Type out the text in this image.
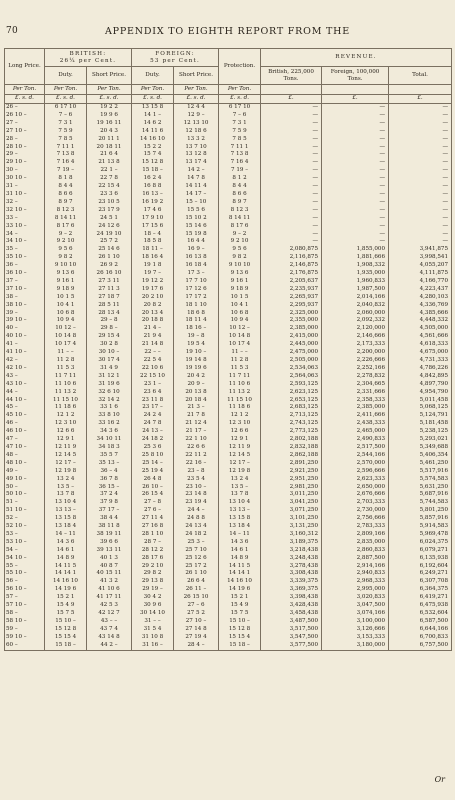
70	APPENDIX TO EIGHTH REPORT FROM THE
Long Price.	BRITISH:
26¼ per Cent.		FOREIGN:
53 per Cent.		Protection.	REVENUE.		
	Duty.	Short Price.	Duty.	Short Price.		British, 225,000 Tons.	Foreign, 100,000 Tons.	Total.

Per Ton.	Per Ton.	Per Ton.	Per Ton.	Per Ton.	Per Ton.			
£. s. d.	£. s. d.	£. s. d.	£. s. d.	£. s. d.	£. s. d.	£.	£.	£.
26 –	6 17 10	19 2 2	13 15 8	12 4 4	6 17 10	—	—	—
26 10 –	7 – 6	19 9 6	14 1 –	12 9 –	7 – 6	—	—	—
27 –	7 3 1	19 16 11	14 6 2	12 13 10	7 3 1	—	—	—
27 10 –	7 5 9	20 4 3	14 11 6	12 18 6	7 5 9	—	—	—
28 –	7 8 5	20 11 1	14 16 10	13 3 2	7 8 5	—	—	—
28 10 –	7 11 1	20 18 11	15 2 2	13 7 10	7 11 1	—	—	—
29 –	7 13 8	21 6 4	15 7 4	13 12 8	7 13 8	—	—	—
29 10 –	7 16 4	21 13 8	15 12 8	13 17 4	7 16 4	—	—	—
30 –	7 19 –	22 1 –	15 18 –	14 2 –	7 19 –	—	—	—
30 10 –	8 1 8	22 7 8	16 2 4	14 7 8	8 1 2	—	—	—
31 –	8 4 4	22 15 4	16 8 8	14 11 4	8 4 4	—	—	—
31 10 –	8 6 6	23 3 6	16 13 –	14 17 –	8 6 6	—	—	—
32 –	8 9 7	23 10 5	16 19 2	15 – 10	8 9 7	—	—	—
32 10 –	8 12 3	23 17 9	17 4 6	15 5 6	8 12 3	—	—	—
33 –	8 14 11	24 5 1	17 9 10	15 10 2	8 14 11	—	—	—
33 10 –	8 17 6	24 12 6	17 15 6	15 14 6	8 17 6	—	—	—
34 –	9 – 2	24 19 10	18 – 4	15 19 8	9 – 2	—	—	—
34 10 –	9 2 10	25 7 2	18 5 8	16 4 4	9 2 10	—	—	—
35 –	9 5 6	25 14 6	18 11 –	16 9 –	9 5 6	2,080,875	1,855,000	3,941,875
35 10 –	9 8 2	26 1 10	18 16 4	16 13 8	9 8 2	2,116,875	1,881,666	3,998,541
36 –	9 10 10	26 9 2	19 1 8	16 18 4	9 10 10	2,146,875	1,908,332	4,055,207
36 10 –	9 13 6	26 16 10	19 7 –	17 3 –	9 13 6	2,176,875	1,935,000	4,111,875
37 –	9 16 1	27 3 11	19 12 2	17 7 10	9 16 1	2,205,637	1,960,833	4,166,770
37 10 –	9 18 9	27 11 3	19 17 6	17 12 6	9 18 9	2,235,937	1,987,500	4,223,437
38 –	10 1 5	27 18 7	20 2 10	17 17 2	10 1 5	2,265,937	2,014,166	4,280,103
38 10 –	10 4 1	28 5 11	20 8 2	18 1 10	10 4 1	2,295,937	2,040,832	4,336,769
39 –	10 6 8	28 13 4	20 13 4	18 6 8	10 6 8	2,325,000	2,060,000	4,385,666
39 10 –	10 9 4	29 – 8	20 18 8	18 11 4	10 9 4	2,355,000	2,092,332	4,448,332
40 –	10 12 –	29 8 –	21 4 –	18 16 –	10 12 –	2,385,000	2,120,000	4,505,000
40 10 –	10 14 8	29 15 4	21 9 4	19 – 8	10 14 8	2,415,000	2,146,666	4,561,666
41 –	10 17 4	30 2 8	21 14 8	19 5 4	10 17 4	2,445,000	2,173,333	4,618,333
41 10 –	11 – –	30 10 –	22 – –	19 10 –	11 – –	2,475,000	2,200,000	4,675,000
42 –	11 2 8	30 17 4	22 5 4	19 14 8	11 2 8	2,505,000	2,226,666	4,731,333
42 10 –	11 5 3	31 4 9	22 10 6	19 19 6	11 5 3	2,534,063	2,252,166	4,786,226
43 –	11 7 11	31 12 1	22 15 10	20 4 2	11 7 11	2,564,063	2,278,832	4,842,895
43 10 –	11 10 6	31 19 6	23 1 –	20 9 –	11 10 6	2,593,125	2,304,665	4,897,790
44 –	11 13 2	32 6 10	23 6 4	20 13 8	11 13 2	2,623,125	2,331,666	4,954,790
44 10 –	11 15 10	32 14 2	23 11 8	20 18 4	11 15 10	2,653,125	2,358,333	5,011,458
45 –	11 18 6	33 1 6	23 17 –	21 3 –	11 18 6	2,683,125	2,385,000	5,068,125
45 10 –	12 1 2	33 8 10	24 2 4	21 7 8	12 1 2	2,713,125	2,411,666	5,124,791
46 –	12 3 10	33 16 2	24 7 8	21 12 4	12 3 10	2,743,125	2,438,333	5,181,458
46 10 –	12 6 6	34 3 6	24 13 –	21 17 –	12 6 6	2,773,125	2,465,000	5,238,125
47 –	12 9 1	34 10 11	24 18 2	22 1 10	12 9 1	2,802,188	2,490,833	5,293,021
47 10 –	12 11 9	34 18 3	25 3 6	22 6 6	12 11 9	2,832,188	2,517,500	5,349,688
48 –	12 14 5	35 5 7	25 8 10	22 11 2	12 14 5	2,862,188	2,544,166	5,406,354
48 10 –	12 17 –	35 13 –	25 14 –	22 16 –	12 17 –	2,891,250	2,570,000	5,461,250
49 –	12 19 8	36 – 4	25 19 4	23 – 8	12 19 8	2,921,250	2,596,666	5,517,916
49 10 –	13 2 4	36 7 8	26 4 8	23 5 4	13 2 4	2,951,250	2,623,333	5,574,583
50 –	13 5 –	36 15 –	26 10 –	23 10 –	13 5 –	2,981,250	2,650,000	5,631,250
50 10 –	13 7 8	37 2 4	26 15 4	23 14 8	13 7 8	3,011,250	2,676,666	5,687,916
51 –	13 10 4	37 9 8	27 – 8	23 19 4	13 10 4	3,041,250	2,703,333	5,744,583
51 10 –	13 13 –	37 17 –	27 6 –	24 4 –	13 13 –	3,071,250	2,730,000	5,801,250
52 –	13 15 8	38 4 4	27 11 4	24 8 8	13 15 8	3,101,250	2,756,666	5,857,916
52 10 –	13 18 4	38 11 8	27 16 8	24 13 4	13 18 4	3,131,250	2,783,333	5,914,583
53 –	14 – 11	38 19 11	28 1 10	24 18 2	14 – 11	3,160,312	2,809,166	5,969,478
53 10 –	14 3 6	39 6 6	28 7 –	25 3 –	14 3 6	3,189,375	2,835,000	6,024,375
54 –	14 6 1	39 13 11	28 12 2	25 7 10	14 6 1	3,218,438	2,860,833	6,079,271
54 10 –	14 8 9	40 1 3	28 17 6	25 12 6	14 8 9	3,248,438	2,887,500	6,135,938
55 –	14 11 5	40 8 7	29 2 10	25 17 2	14 11 5	3,278,438	2,914,166	6,192,604
55 10 –	14 14 1	40 15 11	29 8 2	26 1 10	14 14 1	3,308,438	2,940,833	6,249,271
56 –	14 16 10	41 3 2	29 13 8	26 6 4	14 16 10	3,339,375	2,968,333	6,307,708
56 10 –	14 19 6	41 10 6	29 19 –	26 11 –	14 19 6	3,369,375	2,995,000	6,364,375
57 –	15 2 1	41 17 11	30 4 2	26 15 10	15 2 1	3,398,438	3,020,833	6,419,271
57 10 –	15 4 9	42 5 3	30 9 6	27 – 6	15 4 9	3,428,438	3,047,500	6,475,938
58 –	15 7 5	42 12 7	30 14 10	27 5 2	15 7 5	3,458,438	3,074,166	6,532,604
58 10 –	15 10 –	43 – –	31 – –	27 10 –	15 10 –	3,487,500	3,100,000	6,587,500
59 –	15 12 8	43 7 4	31 5 4	27 14 8	15 12 8	3,517,500	3,126,666	6,644,166
59 10 –	15 15 4	43 14 8	31 10 8	27 19 4	15 15 4	3,547,500	3,153,333	6,700,833
60 –	15 18 –	44 2 –	31 16 –	28 4 –	15 18 –	3,577,500	3,180,000	6,757,500
Or
